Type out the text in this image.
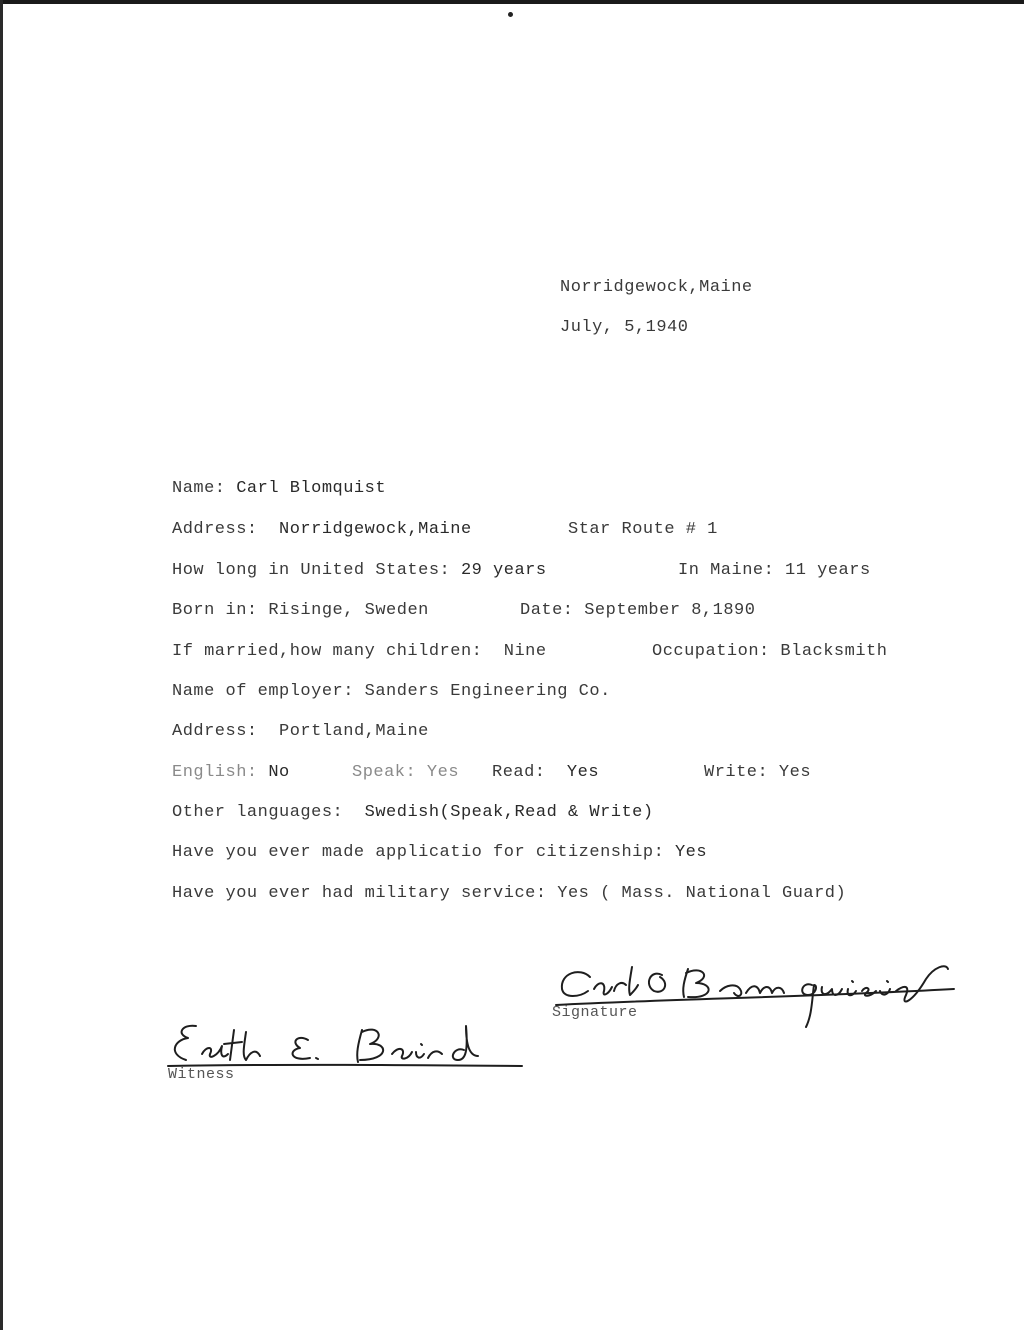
Norridgewock,Maine
July, 5,1940
Name: Carl Blomquist
Address: Norridgewock,Maine	Star Route # 1
How long in United States: 29 years	In Maine: 11 years
Born in: Risinge, Sweden	Date: September 8,1890
If married,how many children: Nine	Occupation: Blacksmith
Name of employer: Sanders Engineering Co.
Address: Portland,Maine
English: No	Speak: Yes Read: Yes	Write: Yes
Other languages: Swedish(Speak,Read & Write)
Have you ever made applicatio for citizenship: Yes
Have you ever had military service: Yes ( Mass. National Guard)
Signature
Witness
